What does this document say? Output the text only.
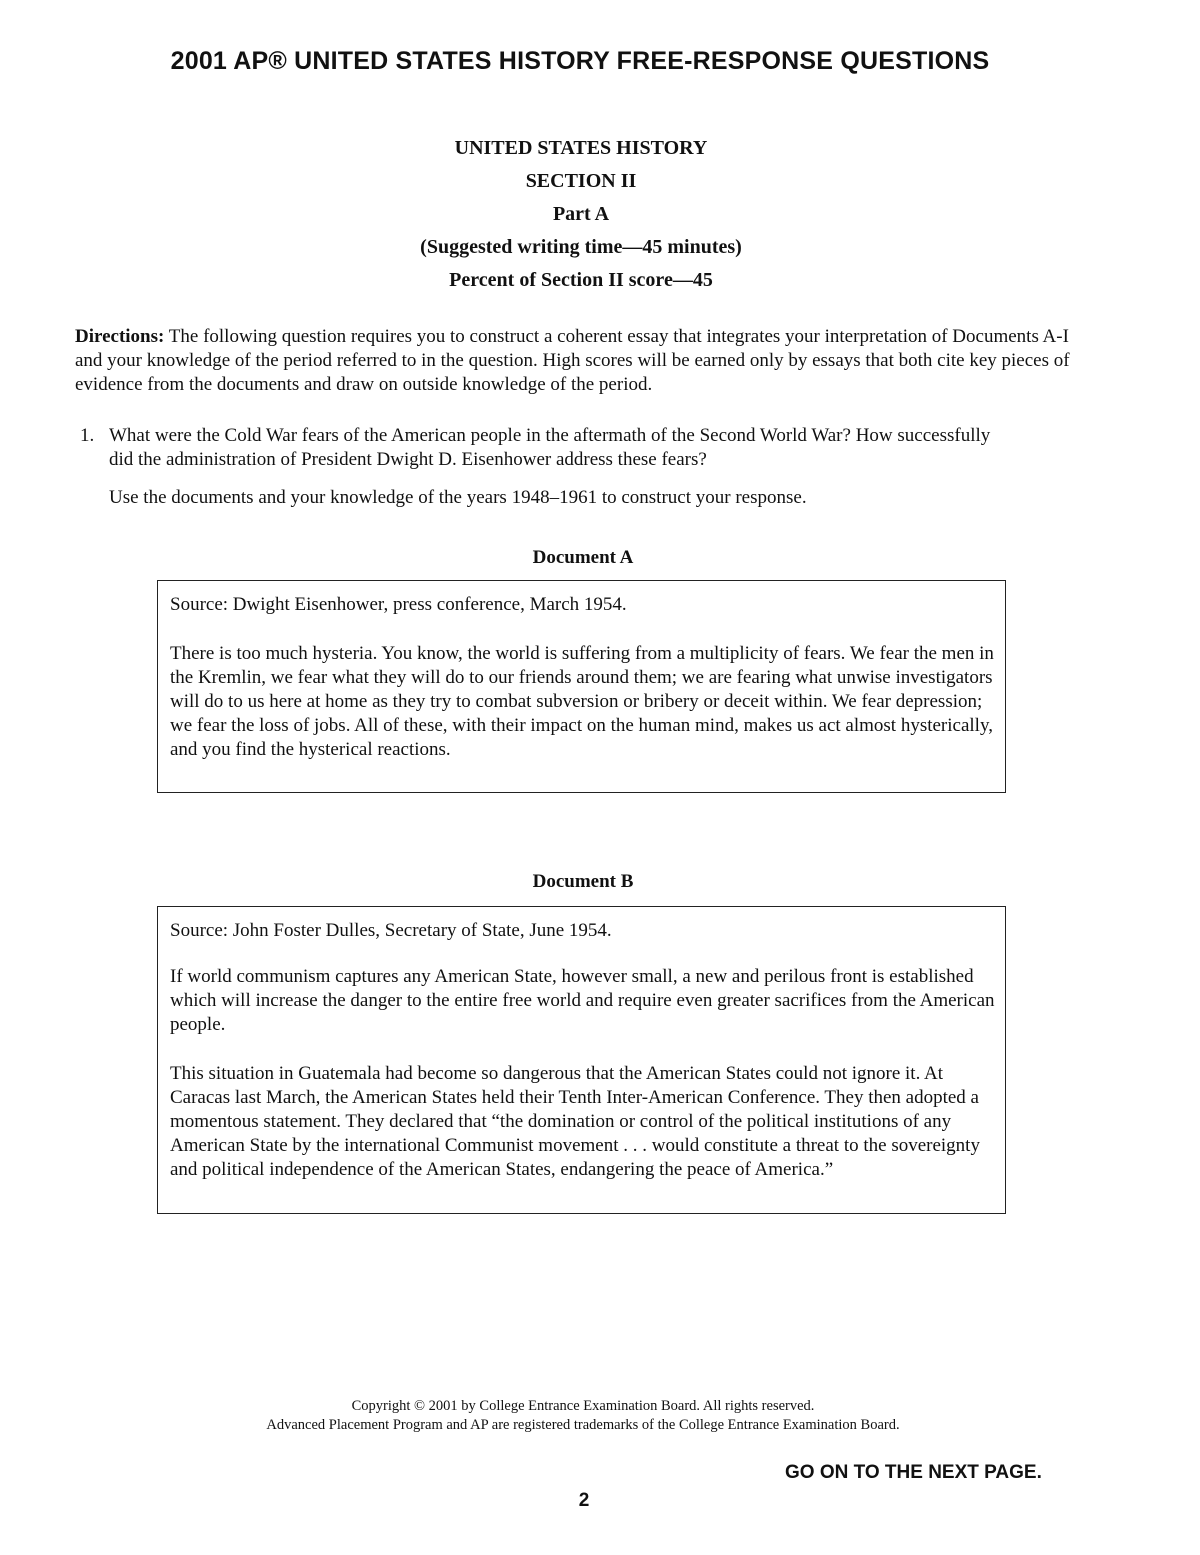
2001 AP® UNITED STATES HISTORY FREE-RESPONSE QUESTIONS
UNITED STATES HISTORY
SECTION II
Part A
(Suggested writing time—45 minutes)
Percent of Section II score—45
Directions: The following question requires you to construct a coherent essay that integrates your interpretation of Documents A-I and your knowledge of the period referred to in the question. High scores will be earned only by essays that both cite key pieces of evidence from the documents and draw on outside knowledge of the period.
1. What were the Cold War fears of the American people in the aftermath of the Second World War? How successfully did the administration of President Dwight D. Eisenhower address these fears?
Use the documents and your knowledge of the years 1948–1961 to construct your response.
Document A
Source: Dwight Eisenhower, press conference, March 1954.
There is too much hysteria. You know, the world is suffering from a multiplicity of fears. We fear the men in the Kremlin, we fear what they will do to our friends around them; we are fearing what unwise investigators will do to us here at home as they try to combat subversion or bribery or deceit within. We fear depression; we fear the loss of jobs. All of these, with their impact on the human mind, makes us act almost hysterically, and you find the hysterical reactions.
Document B
Source: John Foster Dulles, Secretary of State, June 1954.
If world communism captures any American State, however small, a new and perilous front is established which will increase the danger to the entire free world and require even greater sacrifices from the American people.
This situation in Guatemala had become so dangerous that the American States could not ignore it. At Caracas last March, the American States held their Tenth Inter-American Conference. They then adopted a momentous statement. They declared that “the domination or control of the political institutions of any American State by the international Communist movement . . . would constitute a threat to the sovereignty and political independence of the American States, endangering the peace of America.”
Copyright © 2001 by College Entrance Examination Board. All rights reserved.
Advanced Placement Program and AP are registered trademarks of the College Entrance Examination Board.
GO ON TO THE NEXT PAGE.
2
